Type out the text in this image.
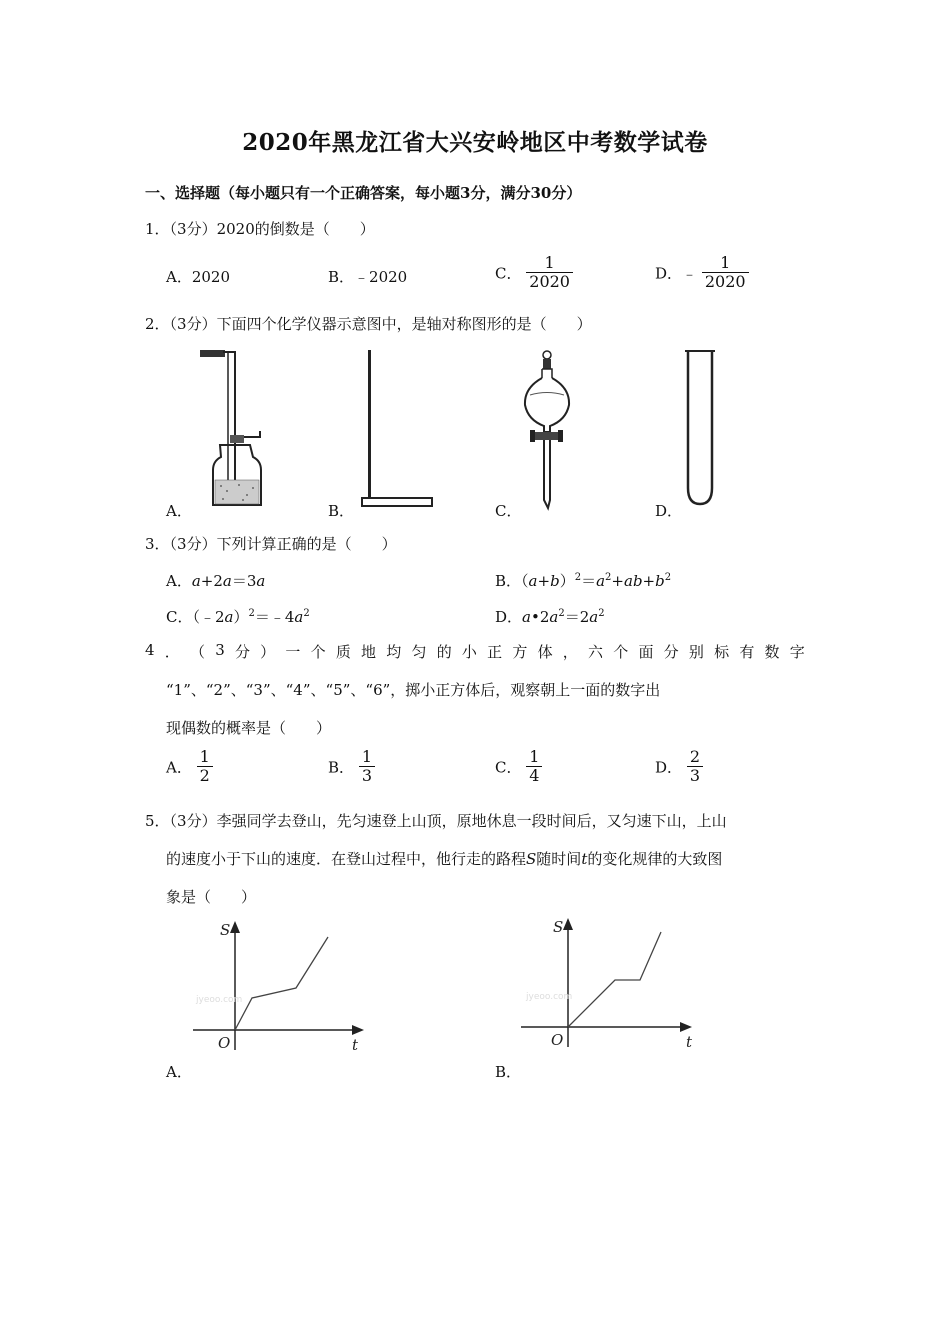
2020年黑龙江省大兴安岭地区中考数学试卷
一、选择题（每小题只有一个正确答案，每小题3分，满分30分）
1．（3分）2020的倒数是（　　）
A．2020	B．﹣2020	C． $\frac{1}{2020}$	D．﹣ $\frac{1}{2020}$
2．（3分）下面四个化学仪器示意图中，是轴对称图形的是（　　）
A．	B．	C．	D．
3．（3分）下列计算正确的是（　　）
A．a+2a＝3a	B．$(a+b)^2=a^2+ab+b^2$
C．$(﹣2a)^2=﹣4a^2$	D．$a•2a^2=2a^2$
4 ． （ 3 分 ） 一 个 质 地 均 匀 的 小 正 方 体 ， 六 个 面 分 别 标 有 数 字
“1”、“2”、“3”、“4”、“5”、“6”，掷小正方体后，观察朝上一面的数字出
现偶数的概率是（　　）
A． $\frac{1}{2}$	B． $\frac{1}{3}$	C． $\frac{1}{4}$	D． $\frac{2}{3}$
5．（3分）李强同学去登山，先匀速登上山顶，原地休息一段时间后，又匀速下山，上山
的速度小于下山的速度．在登山过程中，他行走的路程S随时间t的变化规律的大致图
象是（　　）
jyeoo.com
S
t
O
A．
jyeoo.com
S
t
O
B．
